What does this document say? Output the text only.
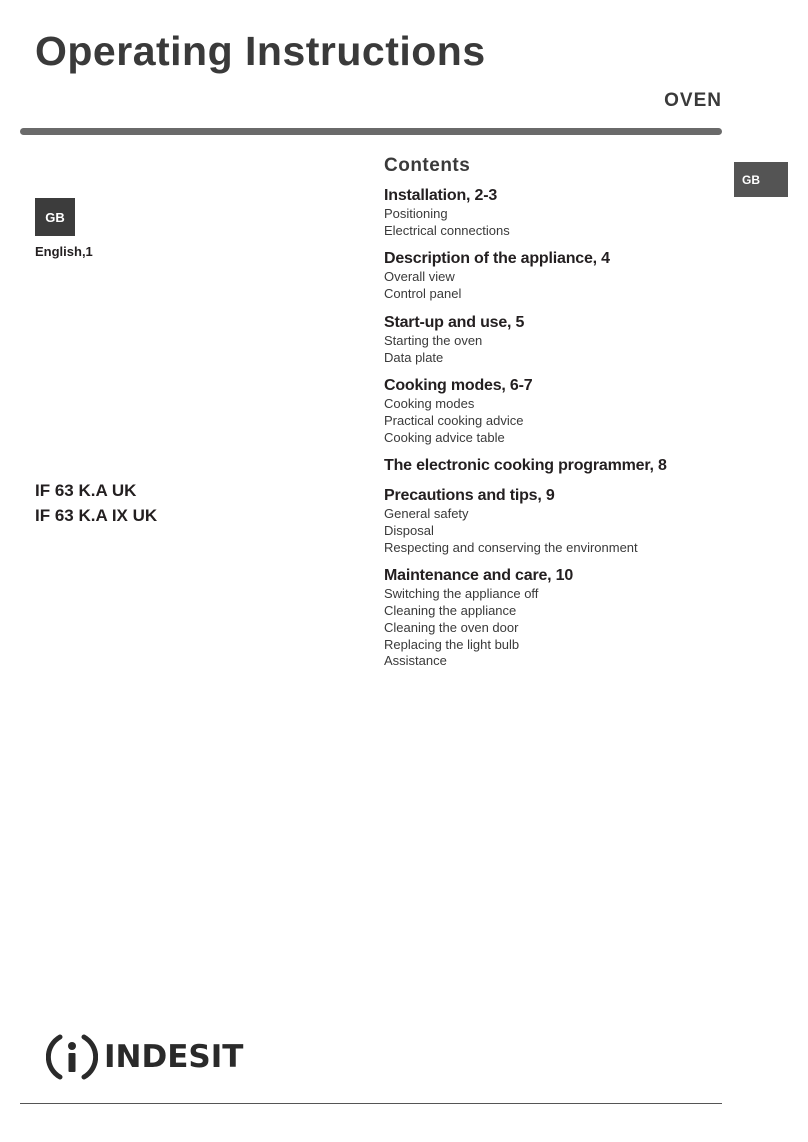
Operating Instructions
OVEN
GB
GB
English,1
IF 63 K.A UK
IF 63 K.A IX UK
Contents
Installation, 2-3
Positioning
Electrical connections
Description of the appliance, 4
Overall view
Control panel
Start-up and use, 5
Starting the oven
Data plate
Cooking modes, 6-7
Cooking modes
Practical cooking advice
Cooking advice table
The electronic cooking programmer, 8
Precautions and tips, 9
General safety
Disposal
Respecting and conserving the environment
Maintenance and care, 10
Switching the appliance off
Cleaning the appliance
Cleaning the oven door
Replacing the light bulb
Assistance
INDESIT
